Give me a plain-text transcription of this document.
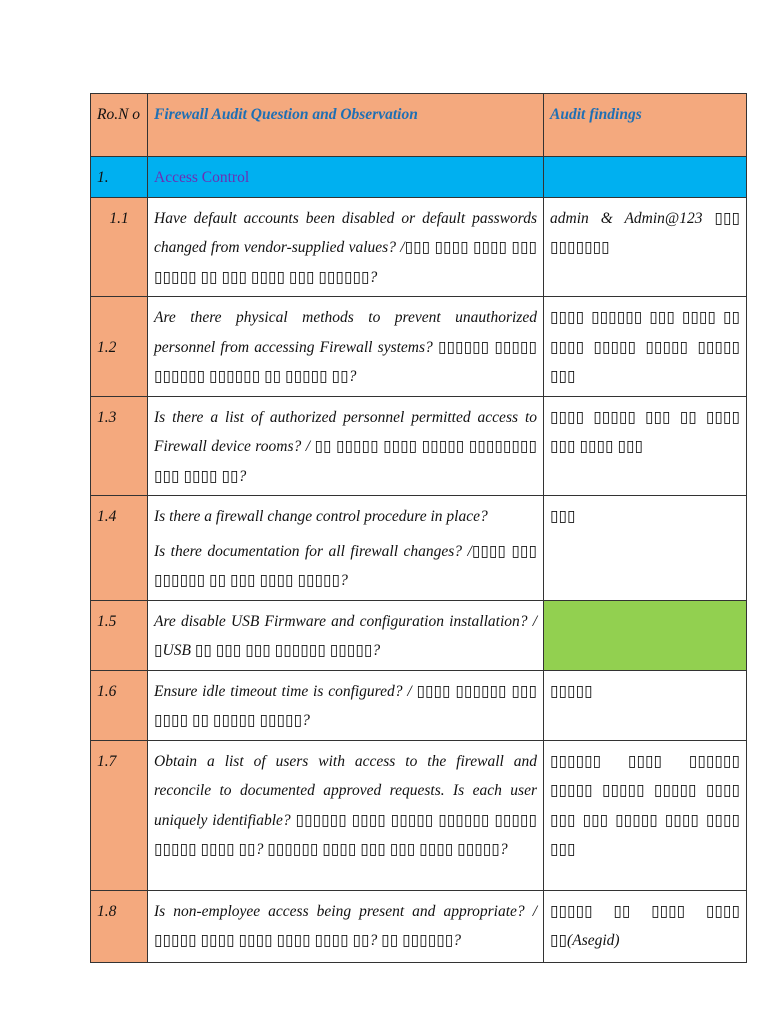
Ro.N o	Firewall Audit Question and Observation	Audit findings
1.	Access Control	
1.1	Have default accounts been disabled or default passwords changed from vendor-supplied values? /▯▯▯ ▯▯▯▯ ▯▯▯▯ ▯▯▯ ▯▯▯▯▯ ▯▯ ▯▯▯ ▯▯▯▯ ▯▯▯ ▯▯▯▯▯▯?	admin & Admin@123 ▯▯▯ ▯▯▯▯▯▯▯
1.2	Are there physical methods to prevent unauthorized personnel from accessing Firewall systems? ▯▯▯▯▯▯ ▯▯▯▯▯ ▯▯▯▯▯▯ ▯▯▯▯▯▯ ▯▯ ▯▯▯▯▯ ▯▯?	▯▯▯▯ ▯▯▯▯▯▯ ▯▯▯ ▯▯▯▯ ▯▯ ▯▯▯▯ ▯▯▯▯▯ ▯▯▯▯▯ ▯▯▯▯▯ ▯▯▯
1.3	Is there a list of authorized personnel permitted access to Firewall device rooms? / ▯▯ ▯▯▯▯▯ ▯▯▯▯ ▯▯▯▯▯ ▯▯▯▯▯▯▯▯ ▯▯▯ ▯▯▯▯ ▯▯?	▯▯▯▯ ▯▯▯▯▯ ▯▯▯ ▯▯ ▯▯▯▯ ▯▯▯ ▯▯▯▯ ▯▯▯
1.4	Is there a firewall change control procedure in place?
Is there documentation for all firewall changes? /▯▯▯▯ ▯▯▯ ▯▯▯▯▯▯ ▯▯ ▯▯▯ ▯▯▯▯ ▯▯▯▯▯?	▯▯▯
1.5	Are disable USB Firmware and configuration installation? /▯USB ▯▯ ▯▯▯ ▯▯▯ ▯▯▯▯▯▯ ▯▯▯▯▯?	
1.6	Ensure idle timeout time is configured? / ▯▯▯▯ ▯▯▯▯▯▯ ▯▯▯ ▯▯▯▯ ▯▯ ▯▯▯▯▯ ▯▯▯▯▯?	▯▯▯▯▯
1.7	Obtain a list of users with access to the firewall and reconcile to documented approved requests. Is each user uniquely identifiable? ▯▯▯▯▯▯ ▯▯▯▯ ▯▯▯▯▯ ▯▯▯▯▯▯ ▯▯▯▯▯ ▯▯▯▯▯ ▯▯▯▯ ▯▯? ▯▯▯▯▯▯ ▯▯▯▯ ▯▯▯ ▯▯▯ ▯▯▯▯ ▯▯▯▯▯?	▯▯▯▯▯▯ ▯▯▯▯ ▯▯▯▯▯▯ ▯▯▯▯▯ ▯▯▯▯▯ ▯▯▯▯▯ ▯▯▯▯ ▯▯▯ ▯▯▯ ▯▯▯▯▯ ▯▯▯▯ ▯▯▯▯ ▯▯▯
1.8	Is non-employee access being present and appropriate? / ▯▯▯▯▯ ▯▯▯▯ ▯▯▯▯ ▯▯▯▯ ▯▯▯▯ ▯▯? ▯▯ ▯▯▯▯▯▯?	▯▯▯▯▯ ▯▯ ▯▯▯▯ ▯▯▯▯ ▯▯(Asegid)
